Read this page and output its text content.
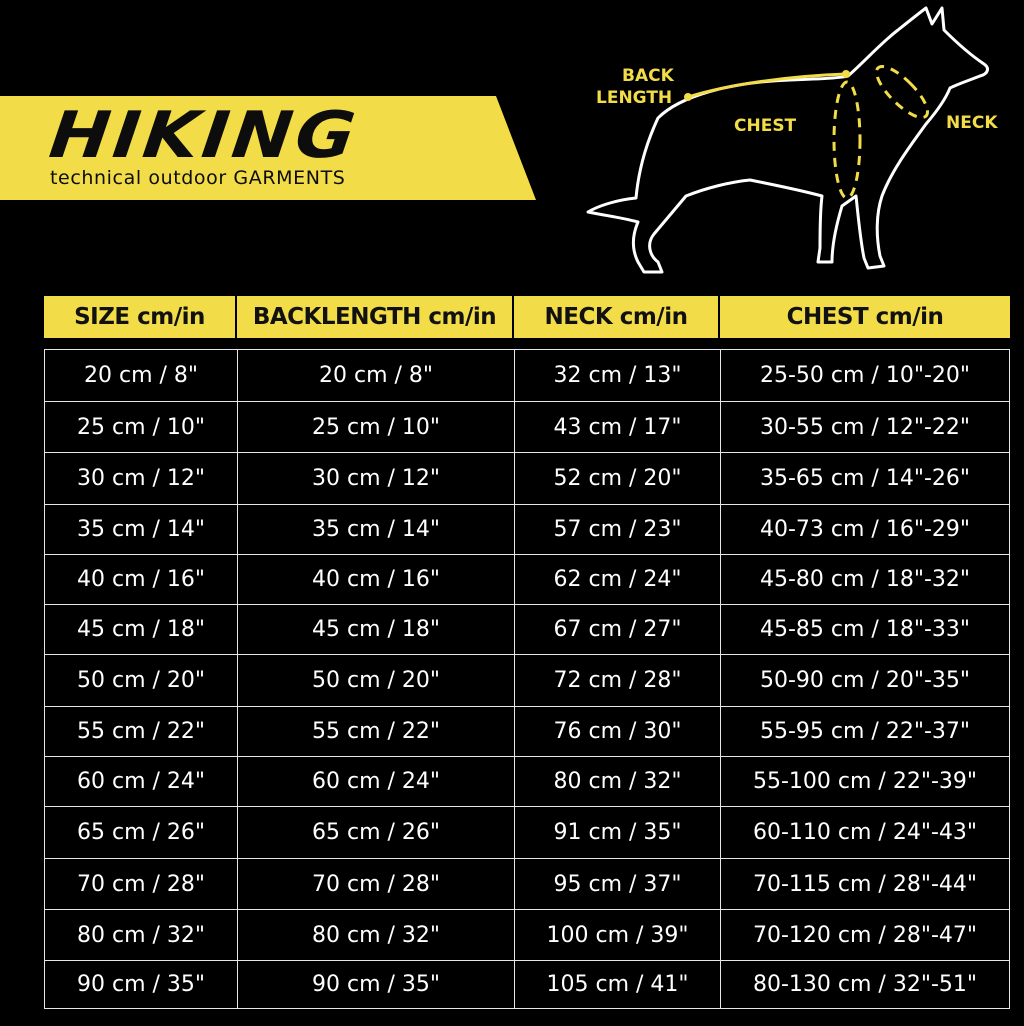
HIKING
technical outdoor GARMENTS
BACK
LENGTH
CHEST	NECK
SIZE cm/in	BACKLENGTH cm/in	NECK cm/in	CHEST cm/in
20 cm / 8"	20 cm / 8"	32 cm / 13"	25-50 cm / 10"-20"
25 cm / 10"	25 cm / 10"	43 cm / 17"	30-55 cm / 12"-22"
30 cm / 12"	30 cm / 12"	52 cm / 20"	35-65 cm / 14"-26"
35 cm / 14"	35 cm / 14"	57 cm / 23"	40-73 cm / 16"-29"
40 cm / 16"	40 cm / 16"	62 cm / 24"	45-80 cm / 18"-32"
45 cm / 18"	45 cm / 18"	67 cm / 27"	45-85 cm / 18"-33"
50 cm / 20"	50 cm / 20"	72 cm / 28"	50-90 cm / 20"-35"
55 cm / 22"	55 cm / 22"	76 cm / 30"	55-95 cm / 22"-37"
60 cm / 24"	60 cm / 24"	80 cm / 32"	55-100 cm / 22"-39"
65 cm / 26"	65 cm / 26"	91 cm / 35"	60-110 cm / 24"-43"
70 cm / 28"	70 cm / 28"	95 cm / 37"	70-115 cm / 28"-44"
80 cm / 32"	80 cm / 32"	100 cm / 39"	70-120 cm / 28"-47"
90 cm / 35"	90 cm / 35"	105 cm / 41"	80-130 cm / 32"-51"
